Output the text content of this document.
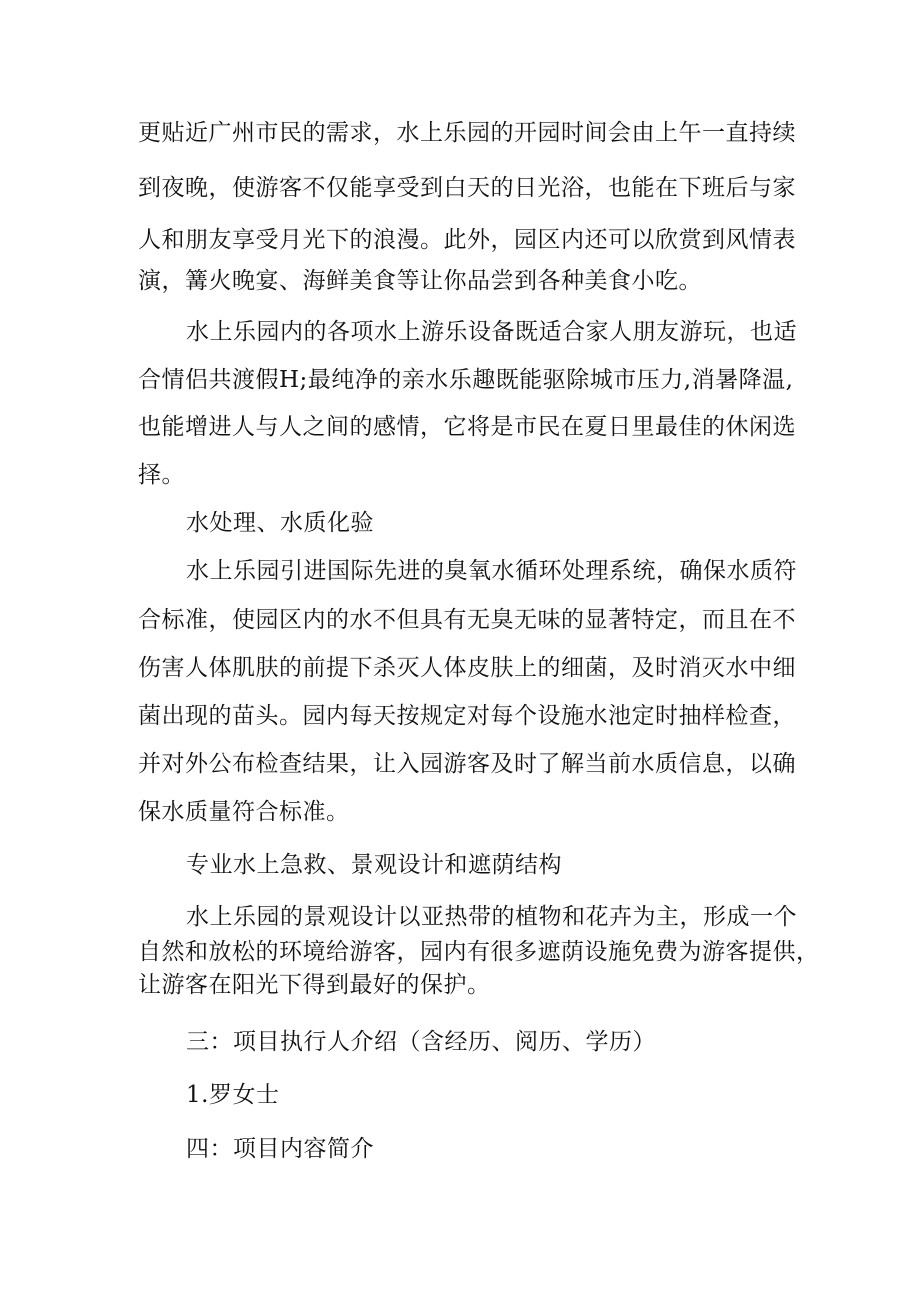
更贴近广州市民的需求，水上乐园的开园时间会由上午一直持续
到夜晚，使游客不仅能享受到白天的日光浴，也能在下班后与家
人和朋友享受月光下的浪漫。此外，园区内还可以欣赏到风情表
演，篝火晚宴、海鲜美食等让你品尝到各种美食小吃。
水上乐园内的各项水上游乐设备既适合家人朋友游玩，也适
合情侣共渡假H;最纯净的亲水乐趣既能驱除城市压力,消暑降温,
也能增进人与人之间的感情，它将是市民在夏日里最佳的休闲选
择。
水处理、水质化验
水上乐园引进国际先进的臭氧水循环处理系统，确保水质符
合标准，使园区内的水不但具有无臭无味的显著特定，而且在不
伤害人体肌肤的前提下杀灭人体皮肤上的细菌，及时消灭水中细
菌出现的苗头。园内每天按规定对每个设施水池定时抽样检查，
并对外公布检查结果，让入园游客及时了解当前水质信息，以确
保水质量符合标准。
专业水上急救、景观设计和遮荫结构
水上乐园的景观设计以亚热带的植物和花卉为主，形成一个
自然和放松的环境给游客，园内有很多遮荫设施免费为游客提供，
让游客在阳光下得到最好的保护。
三：项目执行人介绍（含经历、阅历、学历）
1.罗女士
四：项目内容简介
